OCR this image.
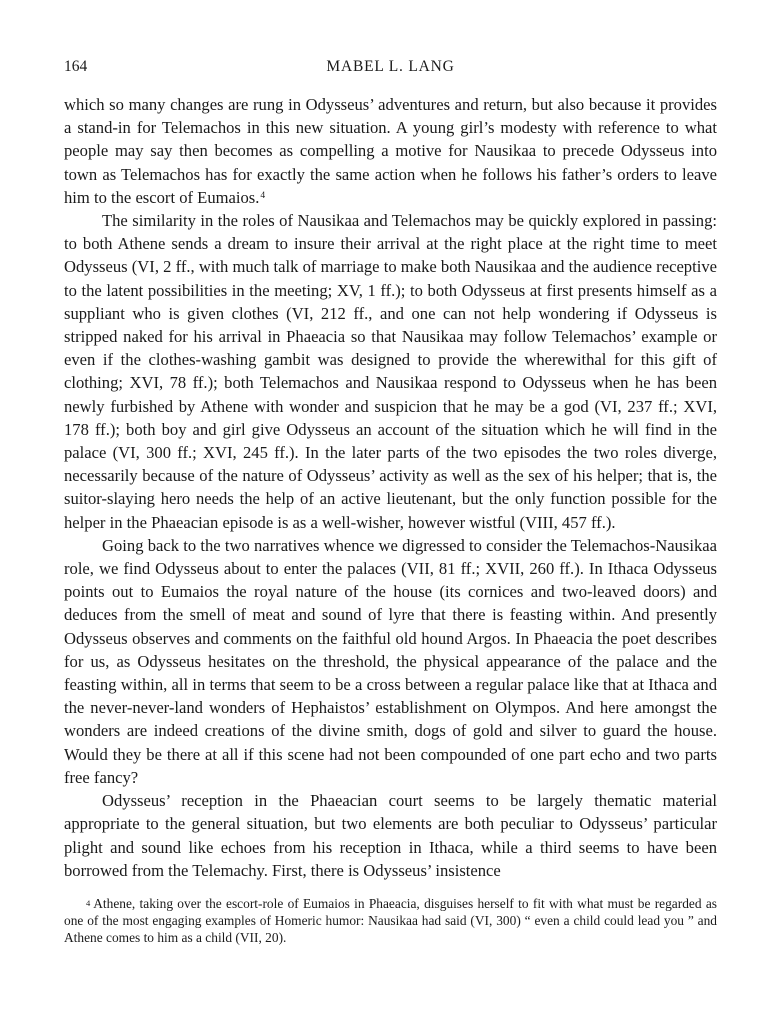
164	MABEL L. LANG

which so many changes are rung in Odysseus’ adventures and return, but also because it provides a stand-in for Telemachos in this new situation. A young girl’s modesty with reference to what people may say then becomes as compelling a motive for Nausikaa to precede Odysseus into town as Telemachos has for exactly the same action when he follows his father’s orders to leave him to the escort of Eumaios.$^4$

The similarity in the roles of Nausikaa and Telemachos may be quickly explored in passing: to both Athene sends a dream to insure their arrival at the right place at the right time to meet Odysseus (VI, 2 ff., with much talk of marriage to make both Nausikaa and the audience receptive to the latent possibilities in the meeting; XV, 1 ff.); to both Odysseus at first presents himself as a suppliant who is given clothes (VI, 212 ff., and one can not help wondering if Odysseus is stripped naked for his arrival in Phaeacia so that Nausikaa may follow Telemachos’ example or even if the clothes-washing gambit was designed to provide the wherewithal for this gift of clothing; XVI, 78 ff.); both Telemachos and Nausikaa respond to Odysseus when he has been newly furbished by Athene with wonder and suspicion that he may be a god (VI, 237 ff.; XVI, 178 ff.); both boy and girl give Odysseus an account of the situation which he will find in the palace (VI, 300 ff.; XVI, 245 ff.). In the later parts of the two episodes the two roles diverge, necessarily because of the nature of Odysseus’ activity as well as the sex of his helper; that is, the suitor-slaying hero needs the help of an active lieutenant, but the only function possible for the helper in the Phaeacian episode is as a well-wisher, however wistful (VIII, 457 ff.).

Going back to the two narratives whence we digressed to consider the Telemachos-Nausikaa role, we find Odysseus about to enter the palaces (VII, 81 ff.; XVII, 260 ff.). In Ithaca Odysseus points out to Eumaios the royal nature of the house (its cornices and two-leaved doors) and deduces from the smell of meat and sound of lyre that there is feasting within. And presently Odysseus observes and comments on the faithful old hound Argos. In Phaeacia the poet describes for us, as Odysseus hesitates on the threshold, the physical appearance of the palace and the feasting within, all in terms that seem to be a cross between a regular palace like that at Ithaca and the never-never-land wonders of Hephaistos’ establishment on Olympos. And here amongst the wonders are indeed creations of the divine smith, dogs of gold and silver to guard the house. Would they be there at all if this scene had not been compounded of one part echo and two parts free fancy?

Odysseus’ reception in the Phaeacian court seems to be largely thematic material appropriate to the general situation, but two elements are both peculiar to Odysseus’ particular plight and sound like echoes from his reception in Ithaca, while a third seems to have been borrowed from the Telemachy. First, there is Odysseus’ insistence

$^4$ Athene, taking over the escort-role of Eumaios in Phaeacia, disguises herself to fit with what must be regarded as one of the most engaging examples of Homeric humor: Nausikaa had said (VI, 300) “ even a child could lead you ” and Athene comes to him as a child (VII, 20).
